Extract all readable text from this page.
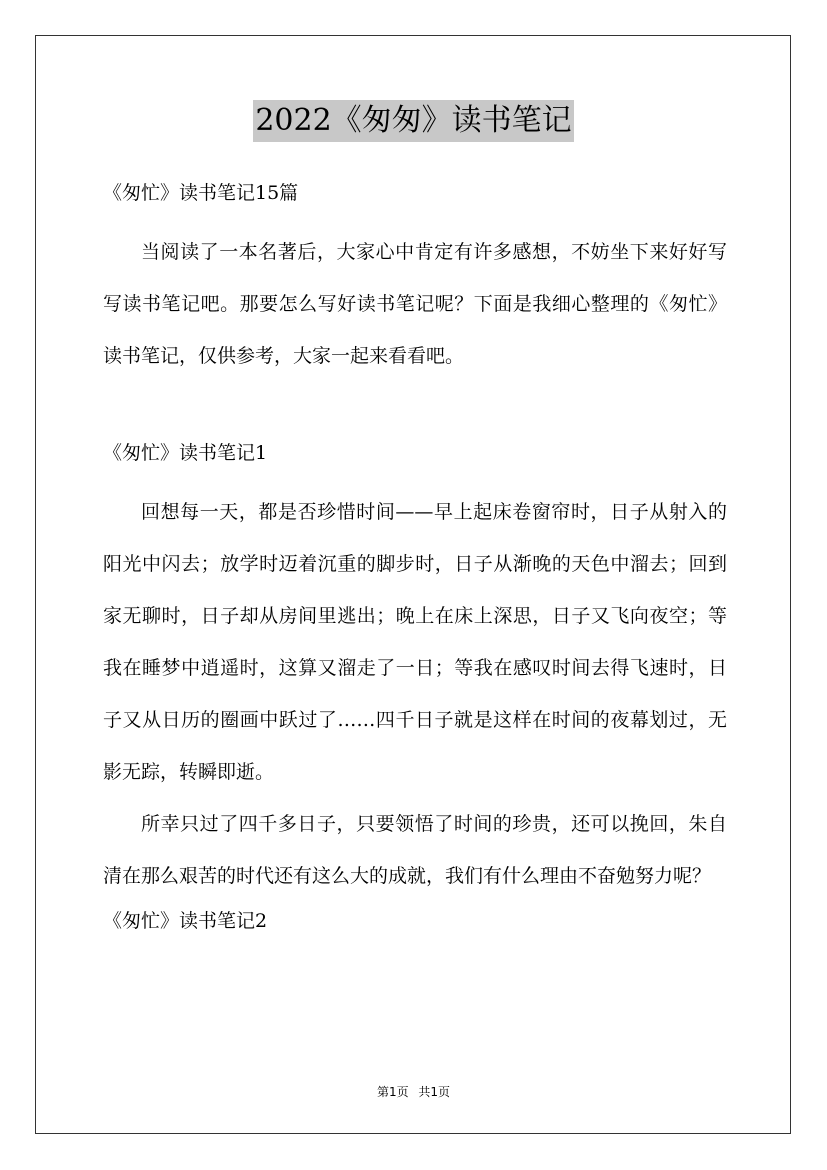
2022《匆匆》读书笔记

《匆忙》读书笔记15篇

当阅读了一本名著后，大家心中肯定有许多感想，不妨坐下来好好写写读书笔记吧。那要怎么写好读书笔记呢？下面是我细心整理的《匆忙》读书笔记，仅供参考，大家一起来看看吧。

《匆忙》读书笔记1

回想每一天，都是否珍惜时间——早上起床卷窗帘时，日子从射入的阳光中闪去；放学时迈着沉重的脚步时，日子从渐晚的天色中溜去；回到家无聊时，日子却从房间里逃出；晚上在床上深思，日子又飞向夜空；等我在睡梦中逍遥时，这算又溜走了一日；等我在感叹时间去得飞速时，日子又从日历的圈画中跃过了……四千日子就是这样在时间的夜幕划过，无影无踪，转瞬即逝。

所幸只过了四千多日子，只要领悟了时间的珍贵，还可以挽回，朱自清在那么艰苦的时代还有这么大的成就，我们有什么理由不奋勉努力呢？

《匆忙》读书笔记2

第1页 共1页
